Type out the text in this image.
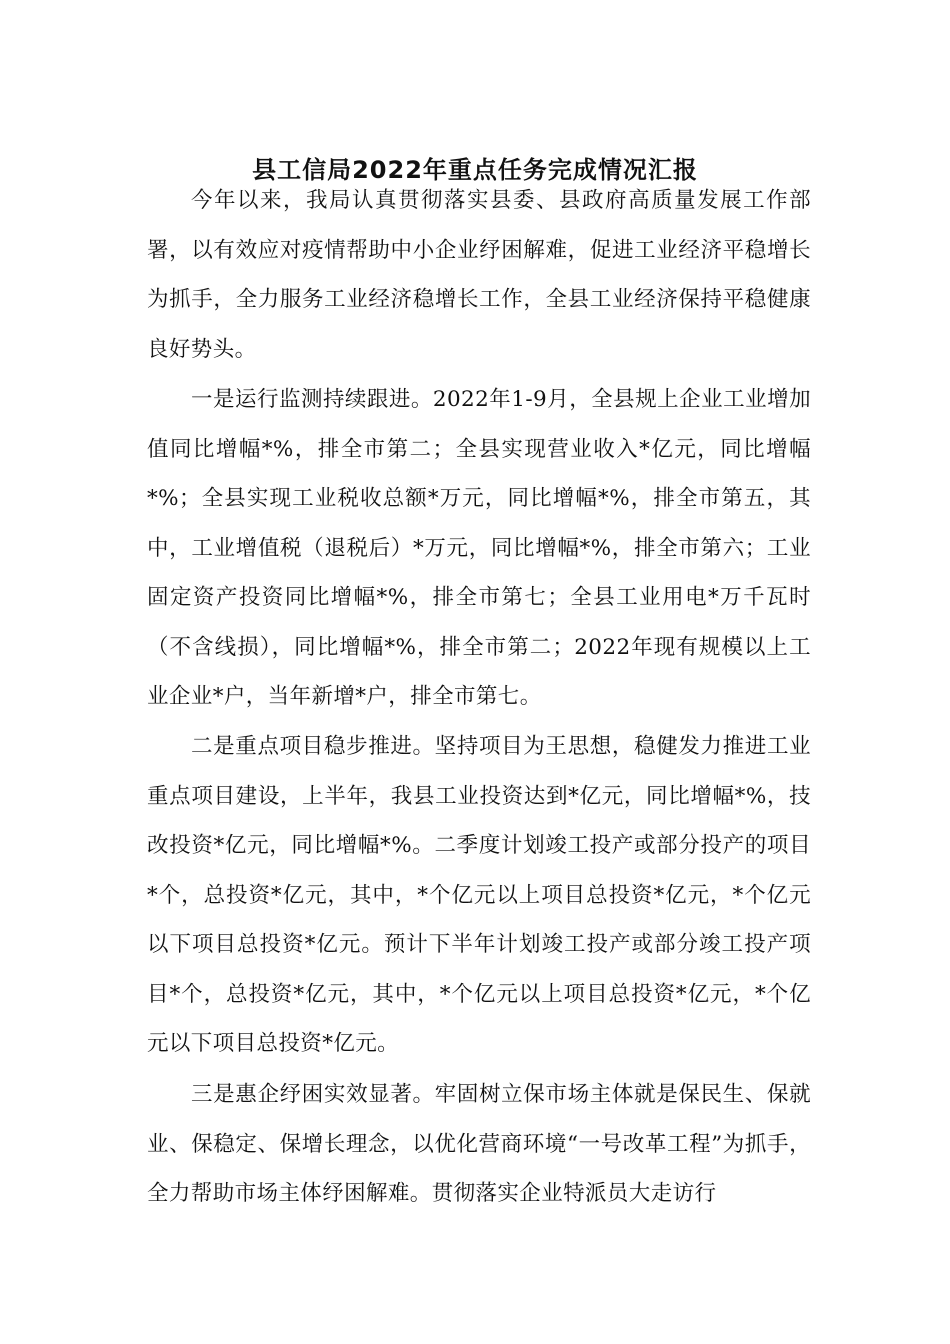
县工信局2022年重点任务完成情况汇报

今年以来，我局认真贯彻落实县委、县政府高质量发展工作部署，以有效应对疫情帮助中小企业纾困解难，促进工业经济平稳增长为抓手，全力服务工业经济稳增长工作，全县工业经济保持平稳健康良好势头。

一是运行监测持续跟进。2022年1-9月，全县规上企业工业增加值同比增幅*%，排全市第二；全县实现营业收入*亿元，同比增幅*%；全县实现工业税收总额*万元，同比增幅*%，排全市第五，其中，工业增值税（退税后）*万元，同比增幅*%，排全市第六；工业固定资产投资同比增幅*%，排全市第七；全县工业用电*万千瓦时（不含线损），同比增幅*%，排全市第二；2022年现有规模以上工业企业*户，当年新增*户，排全市第七。

二是重点项目稳步推进。坚持项目为王思想，稳健发力推进工业重点项目建设，上半年，我县工业投资达到*亿元，同比增幅*%，技改投资*亿元，同比增幅*%。二季度计划竣工投产或部分投产的项目*个，总投资*亿元，其中，*个亿元以上项目总投资*亿元，*个亿元以下项目总投资*亿元。预计下半年计划竣工投产或部分竣工投产项目*个，总投资*亿元，其中，*个亿元以上项目总投资*亿元，*个亿元以下项目总投资*亿元。

三是惠企纾困实效显著。牢固树立保市场主体就是保民生、保就业、保稳定、保增长理念，以优化营商环境“一号改革工程”为抓手，全力帮助市场主体纾困解难。贯彻落实企业特派员大走访行
